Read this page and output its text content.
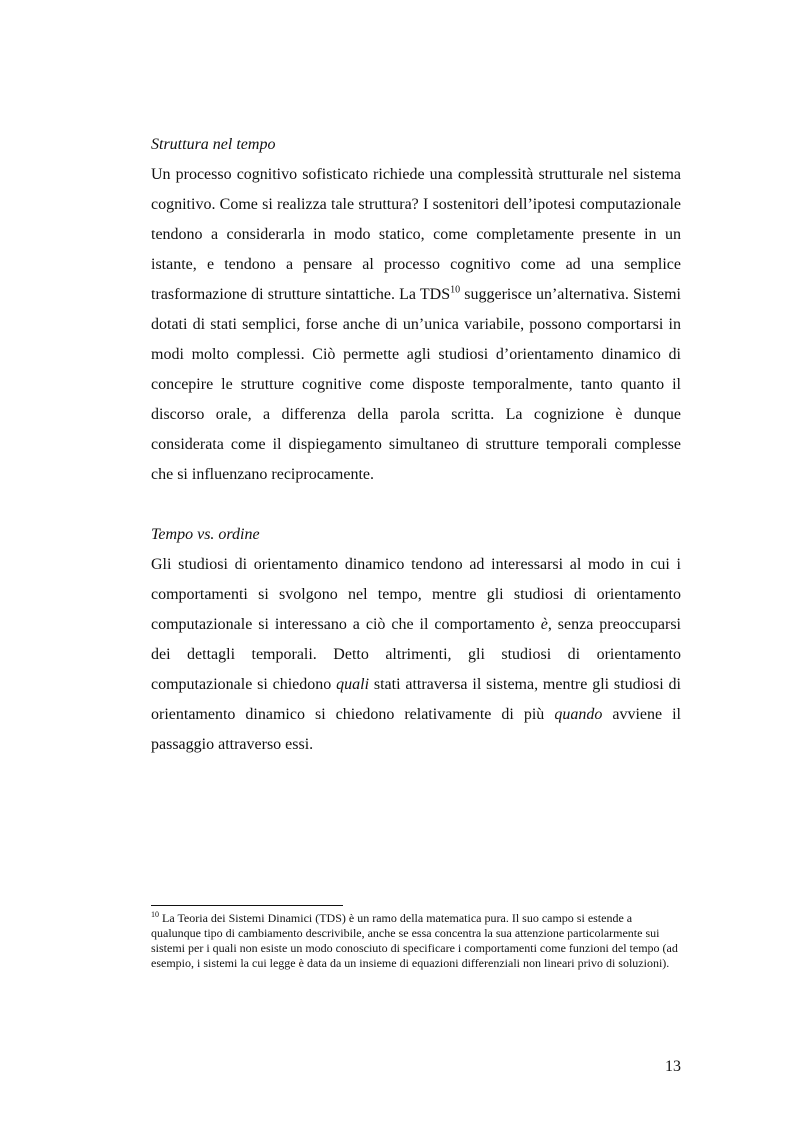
Struttura nel tempo

Un processo cognitivo sofisticato richiede una complessità strutturale nel sistema cognitivo. Come si realizza tale struttura? I sostenitori dell’ipotesi computazionale tendono a considerarla in modo statico, come completamente presente in un istante, e tendono a pensare al processo cognitivo come ad una semplice trasformazione di strutture sintattiche. La TDS$^{10}$ suggerisce un’alternativa. Sistemi dotati di stati semplici, forse anche di un’unica variabile, possono comportarsi in modi molto complessi. Ciò permette agli studiosi d’orientamento dinamico di concepire le strutture cognitive come disposte temporalmente, tanto quanto il discorso orale, a differenza della parola scritta. La cognizione è dunque considerata come il dispiegamento simultaneo di strutture temporali complesse che si influenzano reciprocamente.

Tempo vs. ordine

Gli studiosi di orientamento dinamico tendono ad interessarsi al modo in cui i comportamenti si svolgono nel tempo, mentre gli studiosi di orientamento computazionale si interessano a ciò che il comportamento è, senza preoccuparsi dei dettagli temporali. Detto altrimenti, gli studiosi di orientamento computazionale si chiedono quali stati attraversa il sistema, mentre gli studiosi di orientamento dinamico si chiedono relativamente di più quando avviene il passaggio attraverso essi.

$^{10}$ La Teoria dei Sistemi Dinamici (TDS) è un ramo della matematica pura. Il suo campo si estende a qualunque tipo di cambiamento descrivibile, anche se essa concentra la sua attenzione particolarmente sui sistemi per i quali non esiste un modo conosciuto di specificare i comportamenti come funzioni del tempo (ad esempio, i sistemi la cui legge è data da un insieme di equazioni differenziali non lineari privo di soluzioni).

13
